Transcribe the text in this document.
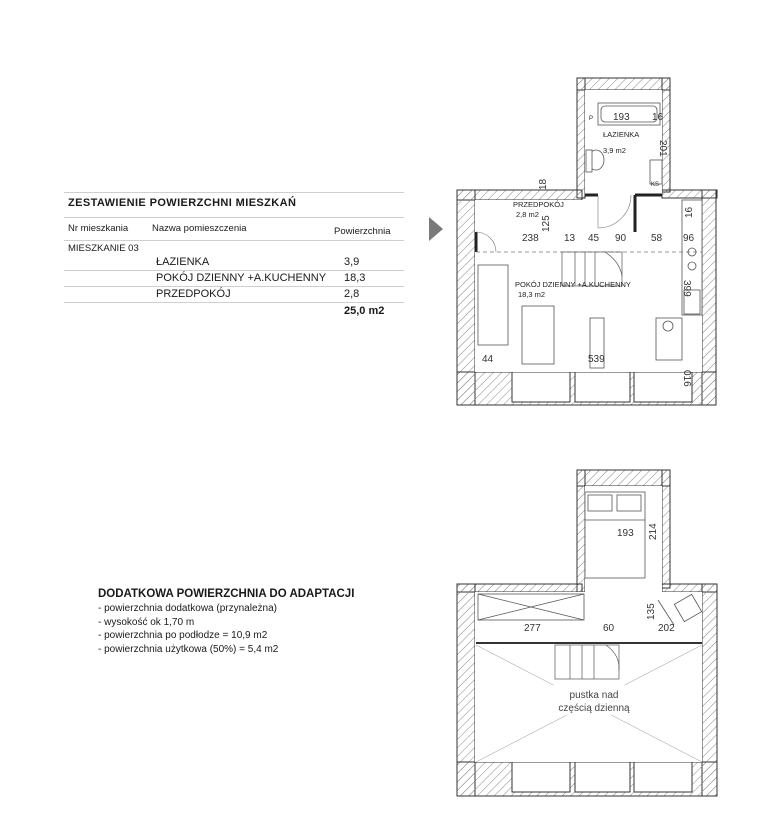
ZESTAWIENIE POWIERZCHNI MIESZKAŃ
Nr mieszkania	Nazwa pomieszczenia	Powierzchnia
MIESZKANIE 03
ŁAZIENKA	3,9
POKÓJ DZIENNY +A.KUCHENNY 18,3
PRZEDPOKÓJ	2,8
25,0 m2
DODATKOWA POWIERZCHNIA DO ADAPTACJI
- powierzchnia dodatkowa (przynależna)
- wysokość ok 1,70 m
- powierzchnia po podłodze = 10,9 m2
- powierzchnia użytkowa (50%) = 5,4 m2
ŁAZIENKA
3,9 m2
PRZEDPOKÓJ
2,8 m2
POKÓJ DZIENNY +A.KUCHENNY
18,3 m2
P
KS
193 16
201
18
125
238	13 45 90 58
16
96
399
44	539
016
pustka nad
częścią dzienną
193 214
277	60
135
202
